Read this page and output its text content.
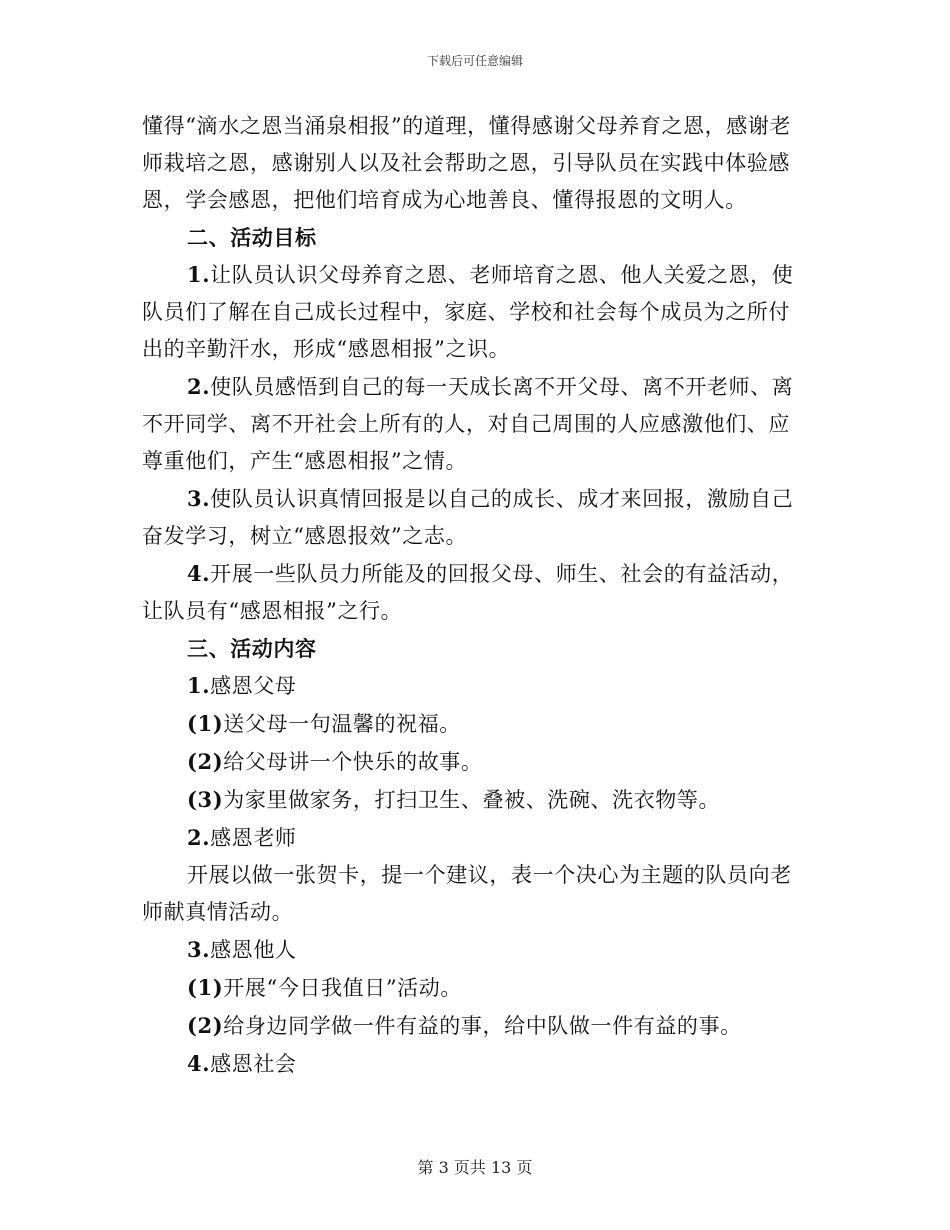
下载后可任意编辑

懂得“滴水之恩当涌泉相报”的道理，懂得感谢父母养育之恩，感谢老师栽培之恩，感谢别人以及社会帮助之恩，引导队员在实践中体验感恩，学会感恩，把他们培育成为心地善良、懂得报恩的文明人。

二、活动目标

1.让队员认识父母养育之恩、老师培育之恩、他人关爱之恩，使队员们了解在自己成长过程中，家庭、学校和社会每个成员为之所付出的辛勤汗水，形成“感恩相报”之识。

2.使队员感悟到自己的每一天成长离不开父母、离不开老师、离不开同学、离不开社会上所有的人，对自己周围的人应感激他们、应尊重他们，产生“感恩相报”之情。

3.使队员认识真情回报是以自己的成长、成才来回报，激励自己奋发学习，树立“感恩报效”之志。

4.开展一些队员力所能及的回报父母、师生、社会的有益活动，让队员有“感恩相报”之行。

三、活动内容

1.感恩父母

(1)送父母一句温馨的祝福。

(2)给父母讲一个快乐的故事。

(3)为家里做家务，打扫卫生、叠被、洗碗、洗衣物等。

2.感恩老师

开展以做一张贺卡，提一个建议，表一个决心为主题的队员向老师献真情活动。

3.感恩他人

(1)开展“今日我值日”活动。

(2)给身边同学做一件有益的事，给中队做一件有益的事。

4.感恩社会

第 3 页共 13 页
